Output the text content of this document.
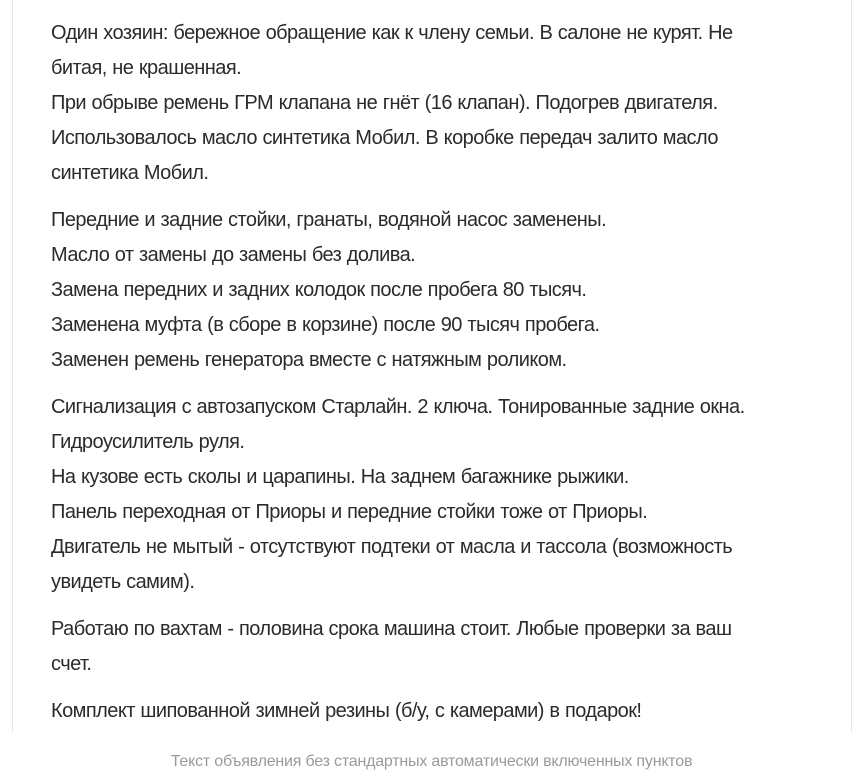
Один хозяин: бережное обращение как к члену семьи. В салоне не курят. Не
битая, не крашенная.
При обрыве ремень ГРМ клапана не гнёт (16 клапан). Подогрев двигателя.
Использовалось масло синтетика Мобил. В коробке передач залито масло
синтетика Мобил.

Передние и задние стойки, гранаты, водяной насос заменены.
Масло от замены до замены без долива.
Замена передних и задних колодок после пробега 80 тысяч.
Заменена муфта (в сборе в корзине) после 90 тысяч пробега.
Заменен ремень генератора вместе с натяжным роликом.

Сигнализация с автозапуском Старлайн. 2 ключа. Тонированные задние окна.
Гидроусилитель руля.
На кузове есть сколы и царапины. На заднем багажнике рыжики.
Панель переходная от Приоры и передние стойки тоже от Приоры.
Двигатель не мытый - отсутствуют подтеки от масла и тассола (возможность
увидеть самим).

Работаю по вахтам - половина срока машина стоит. Любые проверки за ваш
счет.

Комплект шипованной зимней резины (б/у, с камерами) в подарок!

Текст объявления без стандартных автоматически включенных пунктов
